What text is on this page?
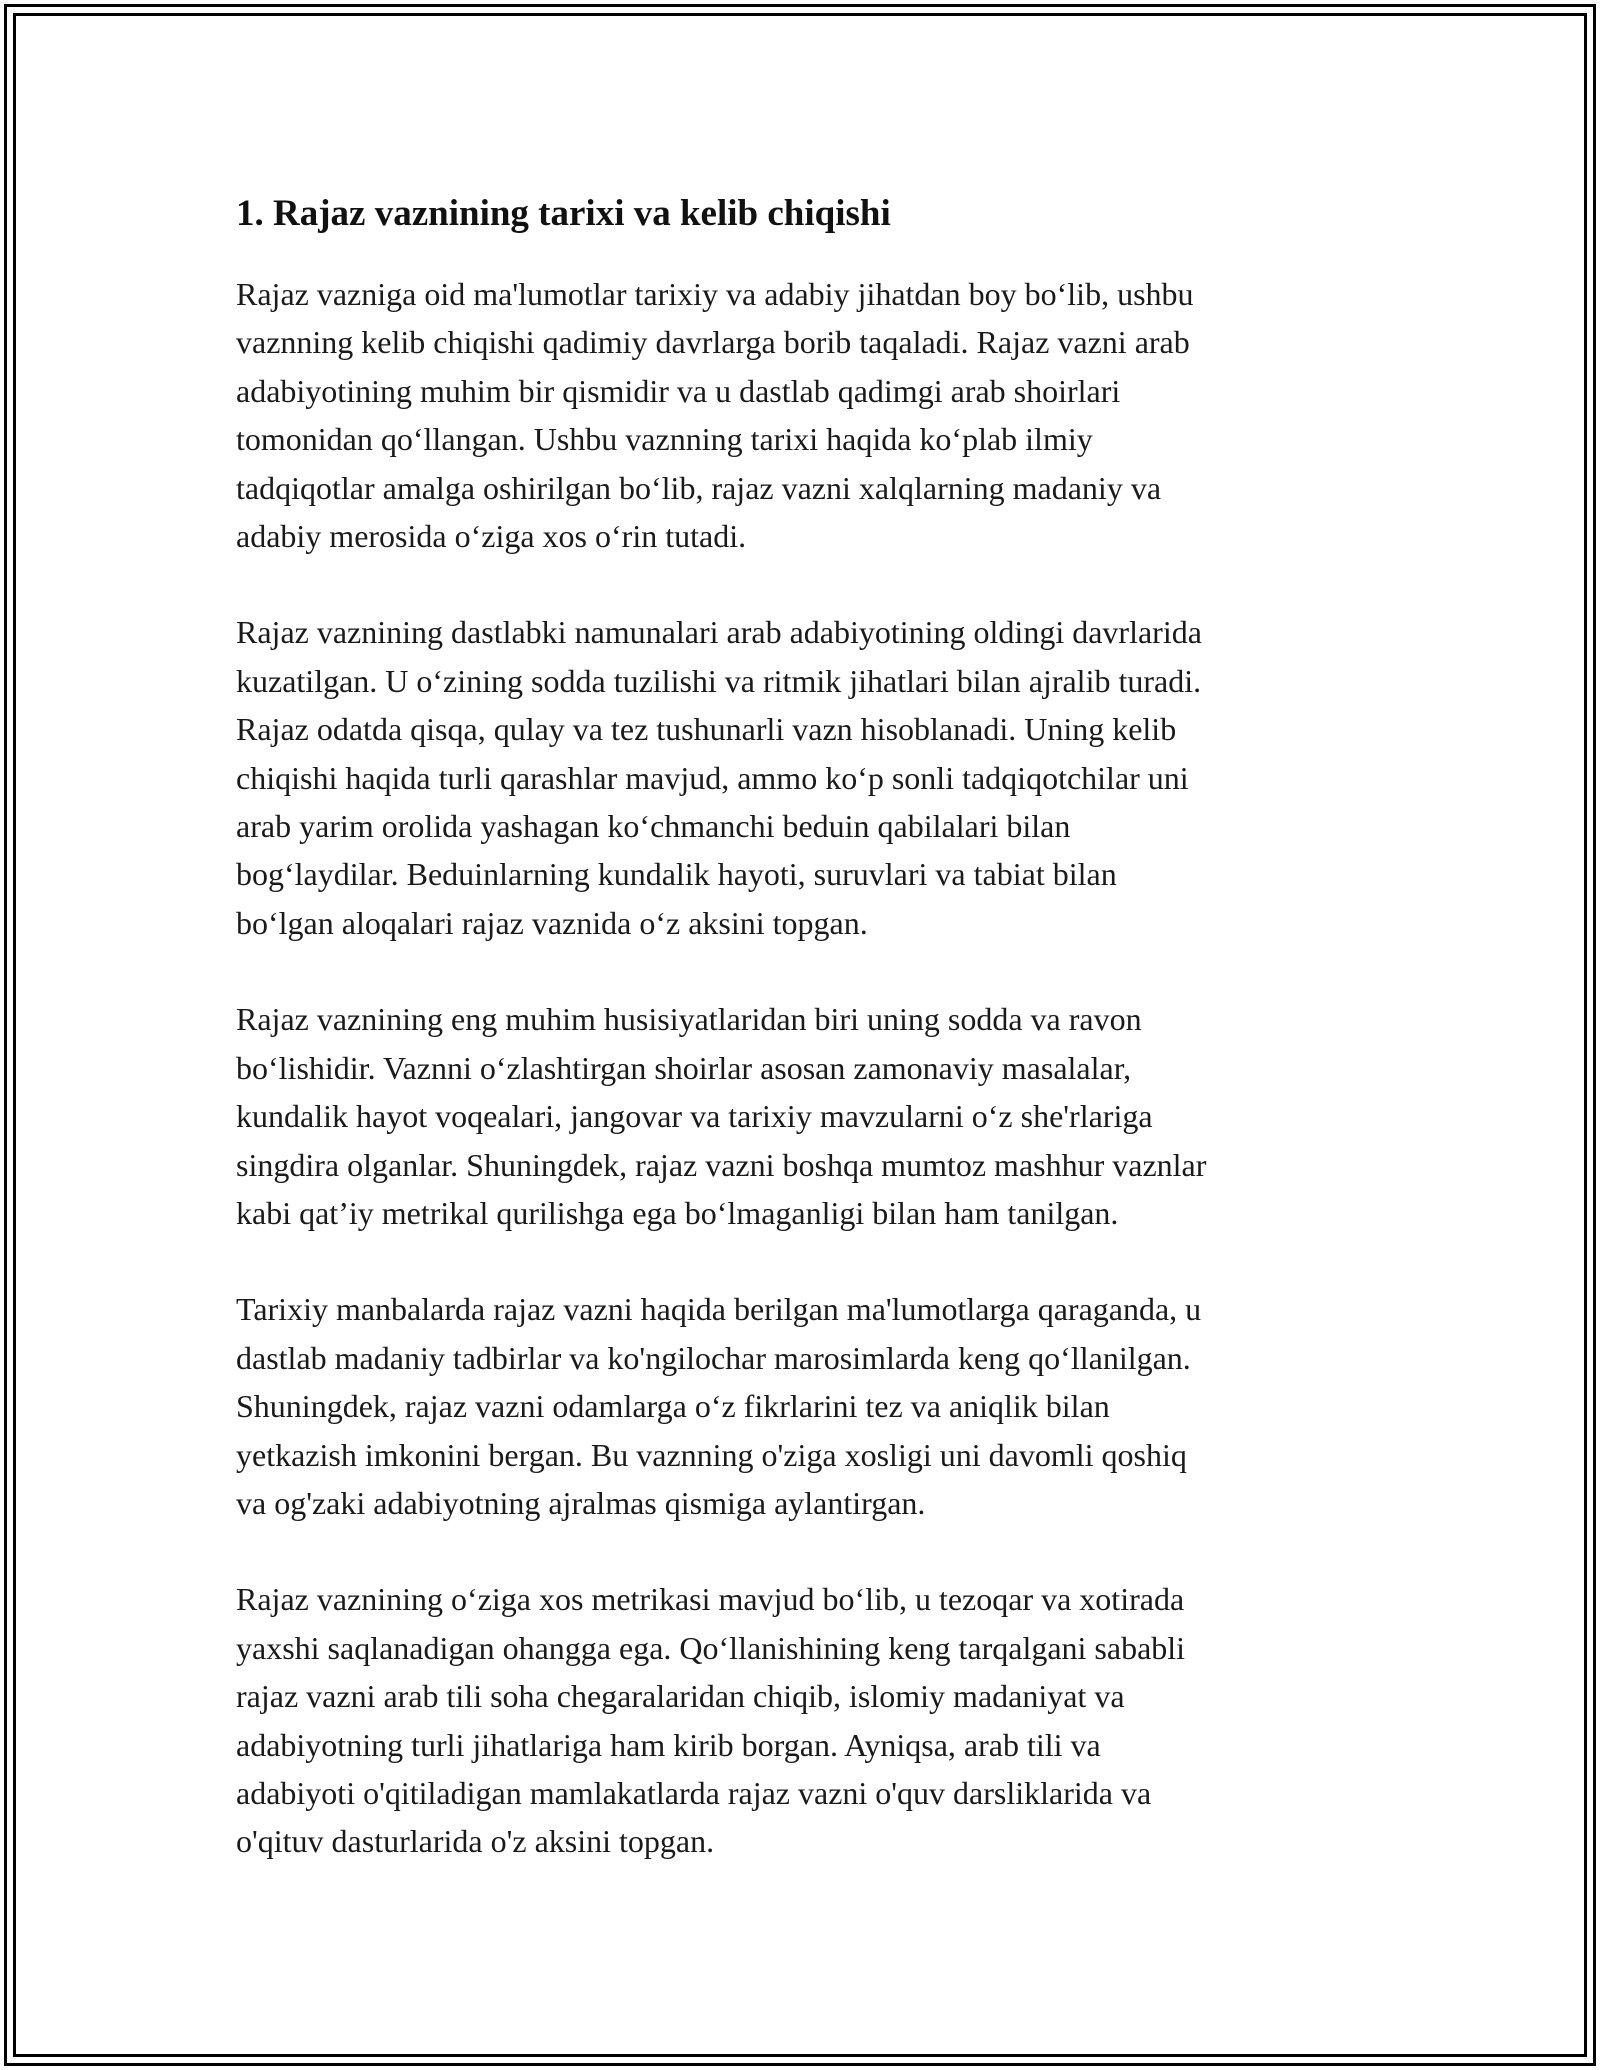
1. Rajaz vaznining tarixi va kelib chiqishi

Rajaz vazniga oid ma'lumotlar tarixiy va adabiy jihatdan boy bo‘lib, ushbu
vaznning kelib chiqishi qadimiy davrlarga borib taqaladi. Rajaz vazni arab
adabiyotining muhim bir qismidir va u dastlab qadimgi arab shoirlari
tomonidan qo‘llangan. Ushbu vaznning tarixi haqida ko‘plab ilmiy
tadqiqotlar amalga oshirilgan bo‘lib, rajaz vazni xalqlarning madaniy va
adabiy merosida o‘ziga xos o‘rin tutadi.

Rajaz vaznining dastlabki namunalari arab adabiyotining oldingi davrlarida
kuzatilgan. U o‘zining sodda tuzilishi va ritmik jihatlari bilan ajralib turadi.
Rajaz odatda qisqa, qulay va tez tushunarli vazn hisoblanadi. Uning kelib
chiqishi haqida turli qarashlar mavjud, ammo ko‘p sonli tadqiqotchilar uni
arab yarim orolida yashagan ko‘chmanchi beduin qabilalari bilan
bog‘laydilar. Beduinlarning kundalik hayoti, suruvlari va tabiat bilan
bo‘lgan aloqalari rajaz vaznida o‘z aksini topgan.

Rajaz vaznining eng muhim husisiyatlaridan biri uning sodda va ravon
bo‘lishidir. Vaznni o‘zlashtirgan shoirlar asosan zamonaviy masalalar,
kundalik hayot voqealari, jangovar va tarixiy mavzularni o‘z she'rlariga
singdira olganlar. Shuningdek, rajaz vazni boshqa mumtoz mashhur vaznlar
kabi qat’iy metrikal qurilishga ega bo‘lmaganligi bilan ham tanilgan.

Tarixiy manbalarda rajaz vazni haqida berilgan ma'lumotlarga qaraganda, u
dastlab madaniy tadbirlar va ko'ngilochar marosimlarda keng qo‘llanilgan.
Shuningdek, rajaz vazni odamlarga o‘z fikrlarini tez va aniqlik bilan
yetkazish imkonini bergan. Bu vaznning o'ziga xosligi uni davomli qoshiq
va og'zaki adabiyotning ajralmas qismiga aylantirgan.

Rajaz vaznining o‘ziga xos metrikasi mavjud bo‘lib, u tezoqar va xotirada
yaxshi saqlanadigan ohangga ega. Qo‘llanishining keng tarqalgani sababli
rajaz vazni arab tili soha chegaralaridan chiqib, islomiy madaniyat va
adabiyotning turli jihatlariga ham kirib borgan. Ayniqsa, arab tili va
adabiyoti o'qitiladigan mamlakatlarda rajaz vazni o'quv darsliklarida va
o'qituv dasturlarida o'z aksini topgan.
